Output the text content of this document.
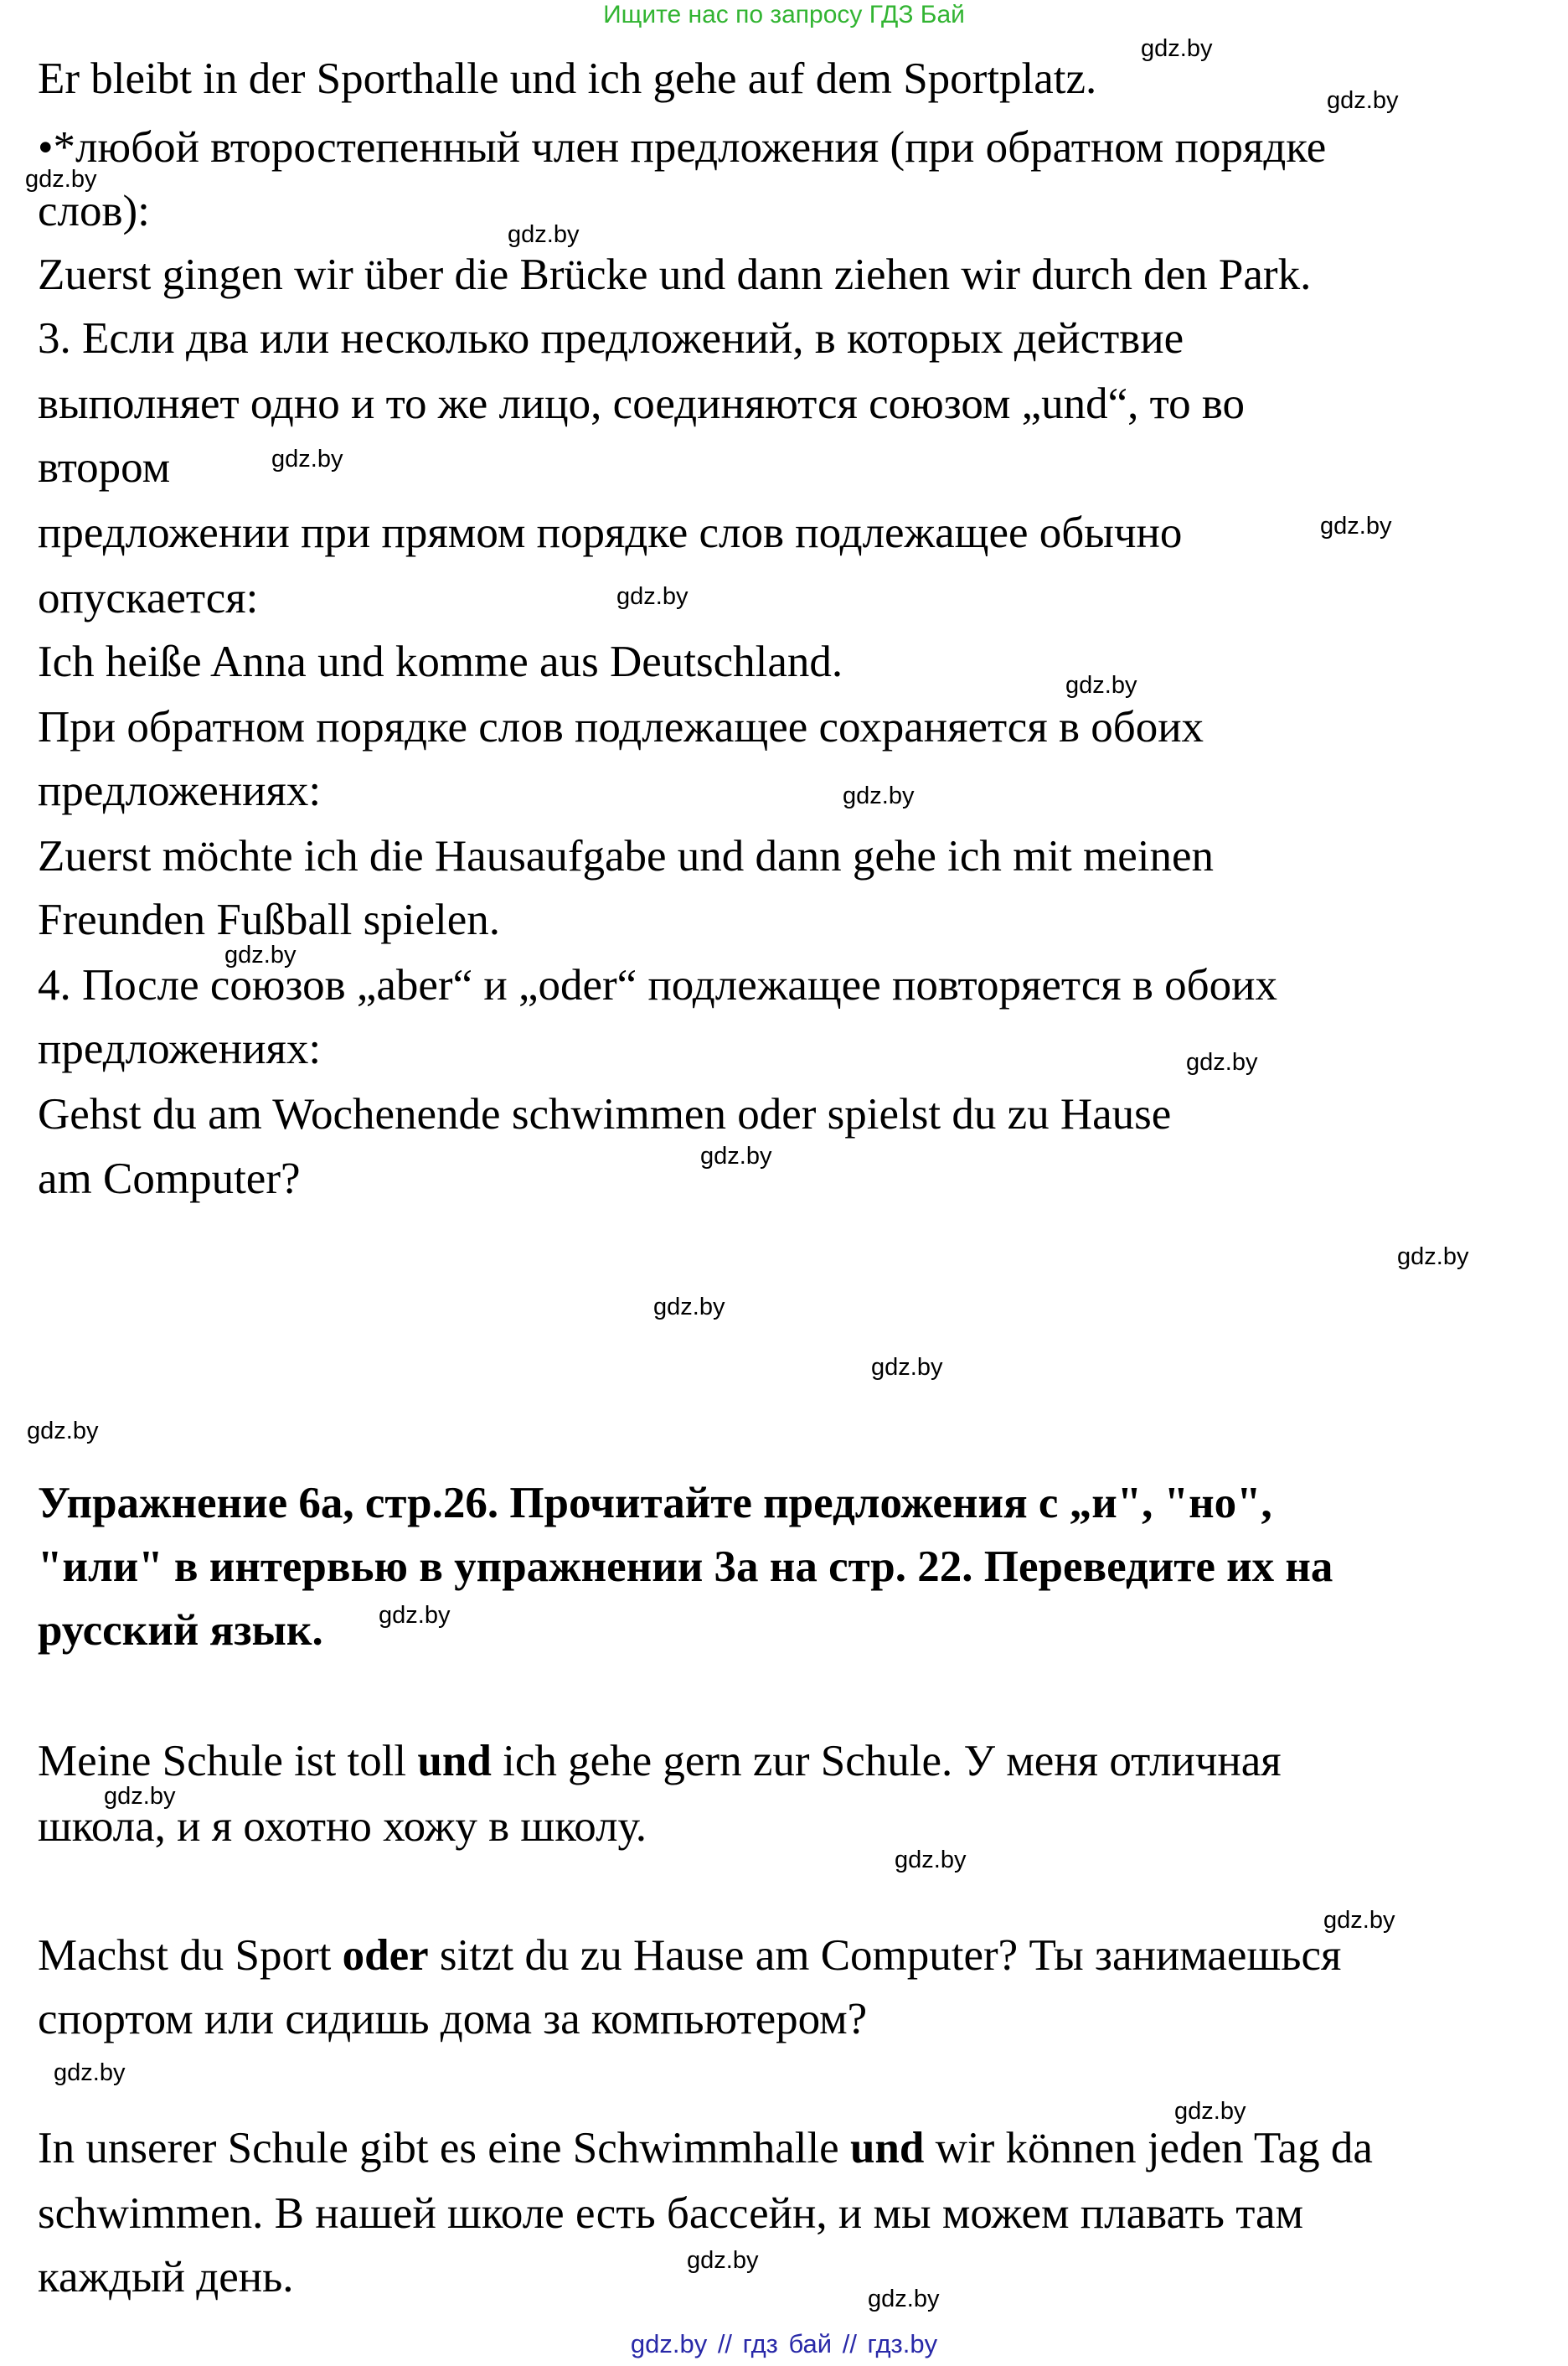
Ищите нас по запросу ГДЗ Бай
Er bleibt in der Sporthalle und ich gehe auf dem Sportplatz.
•*любой второстепенный член предложения (при обратном порядке
слов):
Zuerst gingen wir über die Brücke und dann ziehen wir durch den Park.
3. Если два или несколько предложений, в которых действие
выполняет одно и то же лицо, соединяются союзом „und“, то во
втором
предложении при прямом порядке слов подлежащее обычно
опускается:
Ich heiße Anna und komme aus Deutschland.
При обратном порядке слов подлежащее сохраняется в обоих
предложениях:
Zuerst möchte ich die Hausaufgabe und dann gehe ich mit meinen
Freunden Fußball spielen.
4. После союзов „aber“ и „oder“ подлежащее повторяется в обоих
предложениях:
Gehst du am Wochenende schwimmen oder spielst du zu Hause
am Computer?
Упражнение 6а, стр.26. Прочитайте предложения с „и", "но",
"или" в интервью в упражнении 3а на стр. 22. Переведите их на
русский язык.
Meine Schule ist toll und ich gehe gern zur Schule. У меня отличная
школа, и я охотно хожу в школу.
Machst du Sport oder sitzt du zu Hause am Computer? Ты занимаешься
спортом или сидишь дома за компьютером?
In unserer Schule gibt es eine Schwimmhalle und wir können jeden Tag da
schwimmen. В нашей школе есть бассейн, и мы можем плавать там
каждый день.
gdz.by
gdz.by
gdz.by
gdz.by
gdz.by
gdz.by
gdz.by
gdz.by
gdz.by
gdz.by
gdz.by
gdz.by
gdz.by
gdz.by
gdz.by
gdz.by
gdz.by
gdz.by
gdz.by
gdz.by
gdz.by
gdz.by
gdz.by
gdz.by
gdz.by // гдз бай // гдз.by
